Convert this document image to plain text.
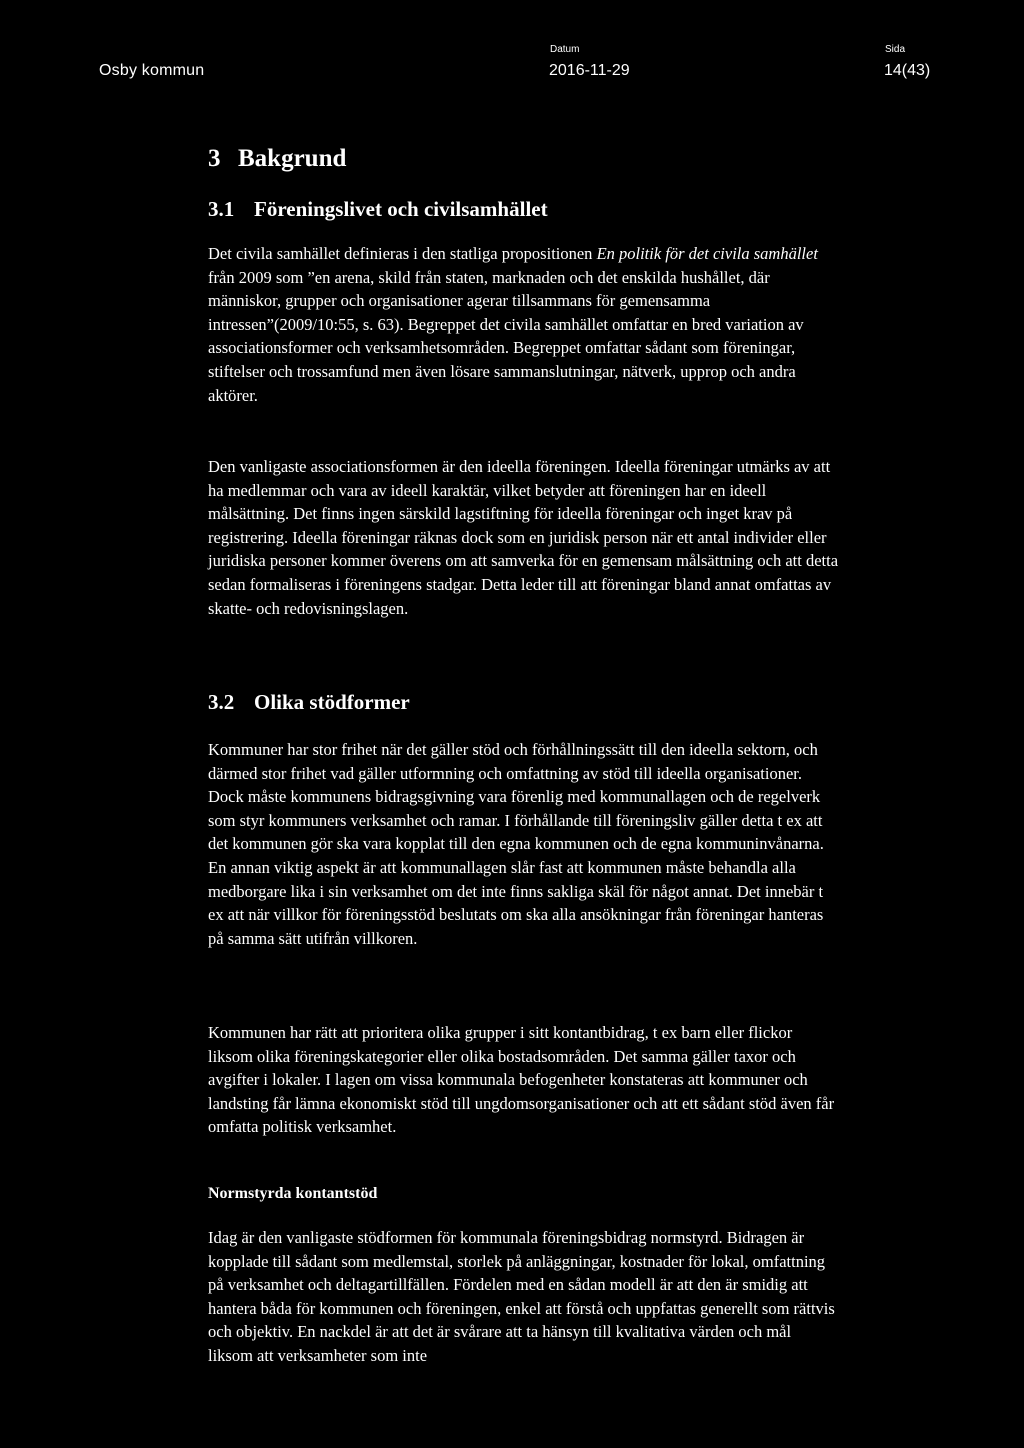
Osby kommun
Datum
2016-11-29
Sida
14(43)
3 Bakgrund
3.1 Föreningslivet och civilsamhället

Det civila samhället definieras i den statliga propositionen En politik för det civila samhället från 2009 som ”en arena, skild från staten, marknaden och det enskilda hushållet, där människor, grupper och organisationer agerar tillsammans för gemensamma intressen”(2009/10:55, s. 63). Begreppet det civila samhället omfattar en bred variation av associationsformer och verksamhetsområden. Begreppet omfattar sådant som föreningar, stiftelser och trossamfund men även lösare sammanslutningar, nätverk, upprop och andra aktörer.

Den vanligaste associationsformen är den ideella föreningen. Ideella föreningar utmärks av att ha medlemmar och vara av ideell karaktär, vilket betyder att föreningen har en ideell målsättning. Det finns ingen särskild lagstiftning för ideella föreningar och inget krav på registrering. Ideella föreningar räknas dock som en juridisk person när ett antal individer eller juridiska personer kommer överens om att samverka för en gemensam målsättning och att detta sedan formaliseras i föreningens stadgar. Detta leder till att föreningar bland annat omfattas av skatte- och redovisningslagen.

3.2 Olika stödformer

Kommuner har stor frihet när det gäller stöd och förhållningssätt till den ideella sektorn, och därmed stor frihet vad gäller utformning och omfattning av stöd till ideella organisationer. Dock måste kommunens bidragsgivning vara förenlig med kommunallagen och de regelverk som styr kommuners verksamhet och ramar. I förhållande till föreningsliv gäller detta t ex att det kommunen gör ska vara kopplat till den egna kommunen och de egna kommuninvånarna. En annan viktig aspekt är att kommunallagen slår fast att kommunen måste behandla alla medborgare lika i sin verksamhet om det inte finns sakliga skäl för något annat. Det innebär t ex att när villkor för föreningsstöd beslutats om ska alla ansökningar från föreningar hanteras på samma sätt utifrån villkoren.

Kommunen har rätt att prioritera olika grupper i sitt kontantbidrag, t ex barn eller flickor liksom olika föreningskategorier eller olika bostadsområden. Det samma gäller taxor och avgifter i lokaler. I lagen om vissa kommunala befogenheter konstateras att kommuner och landsting får lämna ekonomiskt stöd till ungdomsorganisationer och att ett sådant stöd även får omfatta politisk verksamhet.

Normstyrda kontantstöd

Idag är den vanligaste stödformen för kommunala föreningsbidrag normstyrd. Bidragen är kopplade till sådant som medlemstal, storlek på anläggningar, kostnader för lokal, omfattning på verksamhet och deltagartillfällen. Fördelen med en sådan modell är att den är smidig att hantera båda för kommunen och föreningen, enkel att förstå och uppfattas generellt som rättvis och objektiv. En nackdel är att det är svårare att ta hänsyn till kvalitativa värden och mål liksom att verksamheter som inte
